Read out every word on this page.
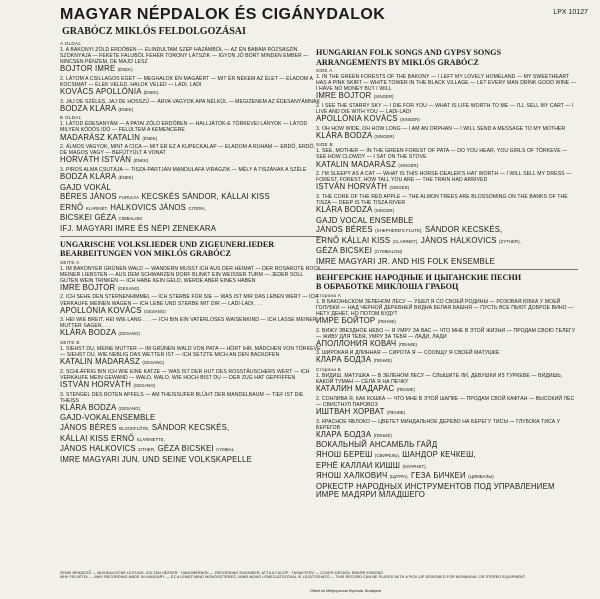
MAGYAR NÉPDALOK ÉS CIGÁNYDALOK	LPX 10127
GRABÓCZ MIKLÓS FELDOLGOZÁSAI
A OLDAL
1. A BAKONYI ZÖLD ERDŐBEN — ELINDULTAM SZÉP HAZÁMBÓL — AZ ÉN BABÁM RÓZSASZÍN SZOKNYÁJA — FEKETE FALUBÓL FEHÉR TORONY LÁTSZIK — IGYON JÓ BORT MINDEN EMBER — NINCSEN PÉNZEM, DE MAJD LESZ
BOJTOR IMRE (ÉNEK)
2. LÁTOM A CSILLAGOS EGET — MEGHALOK ÉN MAGÁÉRT — MIT ÉR NÉKEM AZ ÉLET — ELADOM A KOCSIMAT — ÉLEK VELED, HALOK VELED — LADI, LADI
KOVÁCS APOLLÓNIA (ÉNEK)
3. JAJ DE SZÉLES, JAJ DE HOSSZÚ — ÁRVA VAGYOK APA NÉLKÜL — MEGIZENEM AZ ÉDESANYÁMNAK
BODZA KLÁRA (ÉNEK)
B OLDAL
1. LÁTOD ÉDESANYÁM — A PATAI ZÖLD ERDŐBEN — HALLJÁTOK-E TÖRKEVEI LÁNYOK — LÁTOD MILYEN KÖDÖS IDŐ — FELÜLTEM A KEMENCÉRE
MADARÁSZ KATALIN (ÉNEK)
2. ÁLMOS VAGYOK, MINT A CICA — MIT ÉR EZ A KUPECKALAP — ELADOM A RUHÁM — ERDŐ, ERDŐ, DE MAGOS VAGY — BEFŰTYÜLT A VONAT
HORVÁTH ISTVÁN (ÉNEK)
3. PIROS ALMA CSUTÁJA — TISZA-PARTJÁN MANDULAFA VIRÁGZIK — MÉLY A TISZÁNAK A SZÉLE
BODZA KLÁRA (ÉNEK)
GAJD VOKÁL
BÉRES JÁNOS FURULYA KECSKÉS SÁNDOR, KÁLLAI KISS
ERNŐ KLARINÉT, HALKOVICS JÁNOS CITERA,
BICSKEI GÉZA CIMBALOM
IFJ. MAGYARI IMRE ÉS NÉPI ZENEKARA
UNGARISCHE VOLKSLIEDER UND ZIGEUNERLIEDER
BEARBEITUNGEN VON MIKLÓS GRABÓCZ
SEITE A
1. IM BAKONYER GRÜNEN WALD — WANDERN MUSST ICH AUS DER HEIMAT — DER ROSAROTE ROCK MEINER LIEBSTEN — AUS DEM SCHWARZEN DORF BLINKT EIN WEISSER TURM — JEDER SOLL GUTEN WEIN TRINKEN — ICH HABE KEIN GELD, WERDE ABER EINES HABEN
IMRE BOJTOR (GESANG)
2. ICH SEHE DEN STERNENHIMMEL — ICH STERBE FÜR SIE — WAS IST MIR DAS LEBEN WERT — ICH VERKAUFE MEINEN WAGEN — ICH LEBE UND STERBE MIT DIR — LADI-LADI . . .
APOLLÓNIA KOVÁCS (GESANG)
3. HEI WIE BREIT, HEI WIE LANG . . . — ICH BIN EIN VATERLOSES WAISENKIND — ICH LASSE MEINER MUTTER SAGEN . . .
KLÁRA BODZA (GESANG)
SEITE B
1. SIEHST DU, MEINE MUTTER — IM GRÜNEN WALD VON PATA — HÖRT IHR, MÄDCHEN VON TÖRKEVE — SIEHST DU, WIE NEBLIG DAS WETTER IST — ICH SETZTE MICH AN DEN BACKOFEN
KATALIN MADARÁSZ (GESANG)
2. SCHLÄFRIG BIN ICH WIE EINE KATZE — WAS IST DER HUT DES ROSSTÄUSCHERS WERT — ICH VERKAUFE MEIN GEWAND — WALD, WALD, WIE HOCH BIST DU — DER ZUG HAT GEPFIFFEN
ISTVÁN HORVÁTH (GESANG)
3. STENGEL DES ROTEN APFELS — AM THEISSUFER BLÜHT DER MANDELBAUM — TIEF IST DIE THEISS
KLÁRA BODZA (GESANG)
GAJD-VOKALENSEMBLE
JÁNOS BÉRES BLOCKFLÖTE, SÁNDOR KECSKÉS,
KÁLLAI KISS ERNŐ KLARINETTE,
JÁNOS HALKOVICS ZITHER, GÉZA BICSKEI CYMBAL
IMRE MAGYARI JUN. UND SEINE VOLKSKAPELLE
HUNGARIAN FOLK SONGS AND GYPSY SONGS
ARRANGEMENTS BY MIKLÓS GRABÓCZ
SIDE A
1. IN THE GREEN FORESTS OF THE BAKONY — I LEFT MY LOVELY HOMELAND — MY SWEETHEART HAS A PINK SKIRT — WHITE TOWER IN THE BLACK VILLAGE — LET EVERY MAN DRINK GOOD WINE — I HAVE NO MONEY BUT I WILL
IMRE BOJTOR (SINGER)
2. I SEE THE STARRY SKY — I DIE FOR YOU — WHAT IS LIFE WORTH TO ME — I'LL SELL MY CART — I LIVE AND DIE WITH YOU — LADI-LADI
APOLLÓNIA KOVÁCS (SINGER)
3. OH HOW WIDE, OH HOW LONG — I AM AN ORPHAN — I WILL SEND A MESSAGE TO MY MOTHER
KLÁRA BODZA (SINGER)
SIDE B
1. SEE, MOTHER — IN THE GREEN FOREST OF PATA — DO YOU HEAR, YOU GIRLS OF TÖRKEVE — SEE HOW CLOWDY — I SAT ON THE STOVE
KATALIN MADARÁSZ (SINGER)
2. I'M SLEEPY AS A CAT — WHAT IS THIS HORSE-DEALER'S HAT WORTH — I WILL SELL MY DRESS — FOREST, FOREST, HOW TALL YOU ARE — THE TRAIN HAD ARRIVED
ISTVÁN HORVÁTH (SINGER)
3. THE CORE OF THE RED APPLE — THE ALMON TREES ARE BLOSSOMING ON THE BANKS OF THE TISZA — DEEP IS THE TISZA RIVER
KLÁRA BODZA (SINGER)
GAJD VOCAL ENSEMBLE
JÁNOS BÉRES (SHEPHERD'S FLUTE), SÁNDOR KECSKÉS,
ERNŐ KÁLLAI KISS (CLARINET), JÁNOS HALKOVICS (ZYTHER),
GÉZA BICSKEI (CYMBALON)
IMRE MAGYARI JR. AND HIS FOLK ENSEMBLE
ВЕНГЕРСКИЕ НАРОДНЫЕ И ЦЫГАНСКИЕ ПЕСНИ
В ОБРАБОТКЕ МИКЛОША ГРАБОЦ
Сторона А
1. В БАКОНЬСКОМ ЗЕЛЕНОМ ЛЕСУ — УШЕЛ Я СО СВОЕЙ РОДИНЫ — РОЗОВАЯ ЮБКА У МОЕЙ ГОЛУБКИ — НАД ЧЕРНОЙ ДЕРЕВНЕЙ ВИДНА БЕЛАЯ БАШНЯ — ПУСТЬ ВСЕ ПЬЮТ ДОБРОЕ ВИНО — НЕТУ ДЕНЕГ, НО ПОТОМ БУДУТ
ИМРЕ БОЙТОР (ПЕНИЕ)
2. ВИЖУ ЗВЕЗДНОЕ НЕБО — Я УМРУ ЗА ВАС — ЧТО МНЕ В ЭТОЙ ЖИЗНИ — ПРОДАМ СВОЮ ТЕЛЕГУ — ЖИВУ ДЛЯ ТЕБЯ, УМРУ ЗА ТЕБЯ — ЛАДИ, ЛАДИ
АПОЛЛОНИЯ КОВАЧ (ПЕНИЕ)
3. ШИРОКАЯ И ДЛИННАЯ — СИРОТА Я — СООБЩУ Я СВОЕЙ МАТУШКЕ
КЛАРА БОДЗА (ПЕНИЕ)
Сторона Б
1. ВИДИШ, МАТУШКА — В ЗЕЛЕНОМ ЛЕСУ — СЛЫШИТЕ ЛИ, ДЕВУШКИ ИЗ ТУРКЕВЕ — ВИДИШЬ, КАКОЙ ТУМАН — СЕЛА Я НА ПЕЧКУ
КАТАЛИН МАДАРАС (ПЕНИЕ)
2. СОНЛИВА Я, КАК КОШКА — ЧТО МНЕ В ЭТОЙ ШАПКЕ — ПРОДАМ СВОЙ КАФТАН — ВЫСОКИЙ ЛЕС — СВИСТНУЛ ПАРОВОЗ
ИШТВАН ХОРВАТ (ПЕНИЕ)
3. КРАСНОЕ ЯБЛОКО — ЦВЕТЕТ МИНДАЛЬНОЕ ДЕРЕВО НА БЕРЕГУ ТИСЫ — ГЛУБОКА ТИСА У БЕРЕГОВ
КЛАРА БОДЗА (ПЕНИЕ)
ВОКАЛЬНЫЙ АНСАМБЛЬ ГАЙД
ЯНОШ БЕРЕШ (СВИРЕЛЬ), ШАНДОР КЕЧКЕШ,
ЕРНЁ КАЛЛАИ КИШШ (КЛАРНЕТ),
ЯНОШ ХАЛКОВИЧ (ЦИТРА), ГЕЗА БИЧКЕИ (ЦИМБАЛЫ)
ОРКЕСТР НАРОДНЫХ ИНСТРУМЕНТОВ ПОД УПРАВЛЕНИЕМ ИМРЕ МАДЯРИ МЛАДШЕГО
ZENEI RENDEZŐ — MUSIKALISCHE LEITUNG: ZOLTÁN HÉZSER · HANGMÉRNÖK — RECORDING ENGINEER: ATTILA FÜLÖP · TASAKTERV — COVER DESIGN: ENDRE ESMOND
MHV FELVÉTEL — MHV RECORDING MADE IN HUNGARY — EZ A LEMEZ MIND MONÓ/SZTEREÓ, MIND MONÓ LEMEZJÁTSZÓVAL IS LEJÁTSZHATÓ — THIS RECORD CAN BE PLAYED WITH A PICK-UP DESIGNED FOR MONAURAL OR STEREO EQUIPMENT
Offset és Mélynyomda Nyomda, Budapest
